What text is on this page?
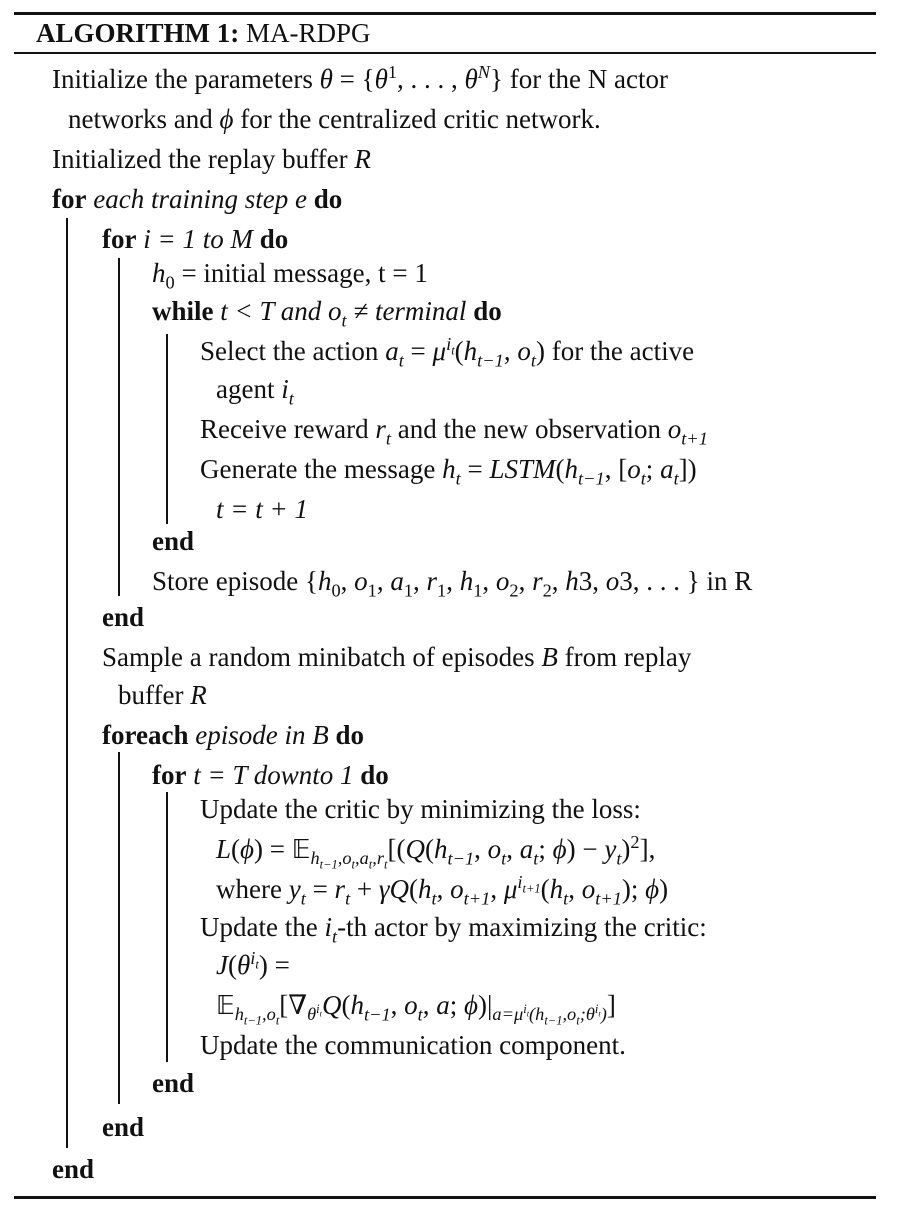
ALGORITHM 1: MA-RDPG
Initialize the parameters $\theta = \{\theta^1$, . . . , $\theta^N$} for the N actor
networks and ϕ for the centralized critic network.
Initialized the replay buffer R
for each training step e do
for i = 1 to M do
$h_0$ = initial message, t = 1
while t < T and $o_t$ ≠ terminal do
Select the action $a_t = \mu^{i_t}(h_{t-1}$, $o_t$) for the active
agent $i_t$
Receive reward $r_t$ and the new observation $o_{t+1}$
Generate the message $h_t$ = $LSTM(h_{t-1}$, [$o_t$; $a_t$])
t = t + 1
end
Store episode {$h_0$, $o_1$, $a_1$, $r_1$, $h_1$, $o_2$, $r_2$, h3, o3, . . . } in R
end
Sample a random minibatch of episodes B from replay
buffer R
foreach episode in B do
for t = T downto 1 do
Update the critic by minimizing the loss:
$L(\phi) = 𝔼_{h_{t-1},o_t,a_t,r_t}[(Q(h_{t-1}$, $o_t$, $a_t$; $\phi) - y_t)^2$],
where $y_t = r_t + \gamma Q(h_t$, $o_{t+1}$, $\mu^{i_{t+1}}(h_t$, $o_{t+1}$); ϕ)
Update the $i_t-th$ actor by maximizing the critic:
$J(\theta^{i_t})$ =
$𝔼_{h_{t-1},o_t}[\nabla_{\theta^{i_t}}Q(h_{t-1}$, $o_t$, a; $\phi)|_{a=\mu^{i_t}(h_{t-1},o_t;\theta^{i_t})}$]
Update the communication component.
end
end
end
